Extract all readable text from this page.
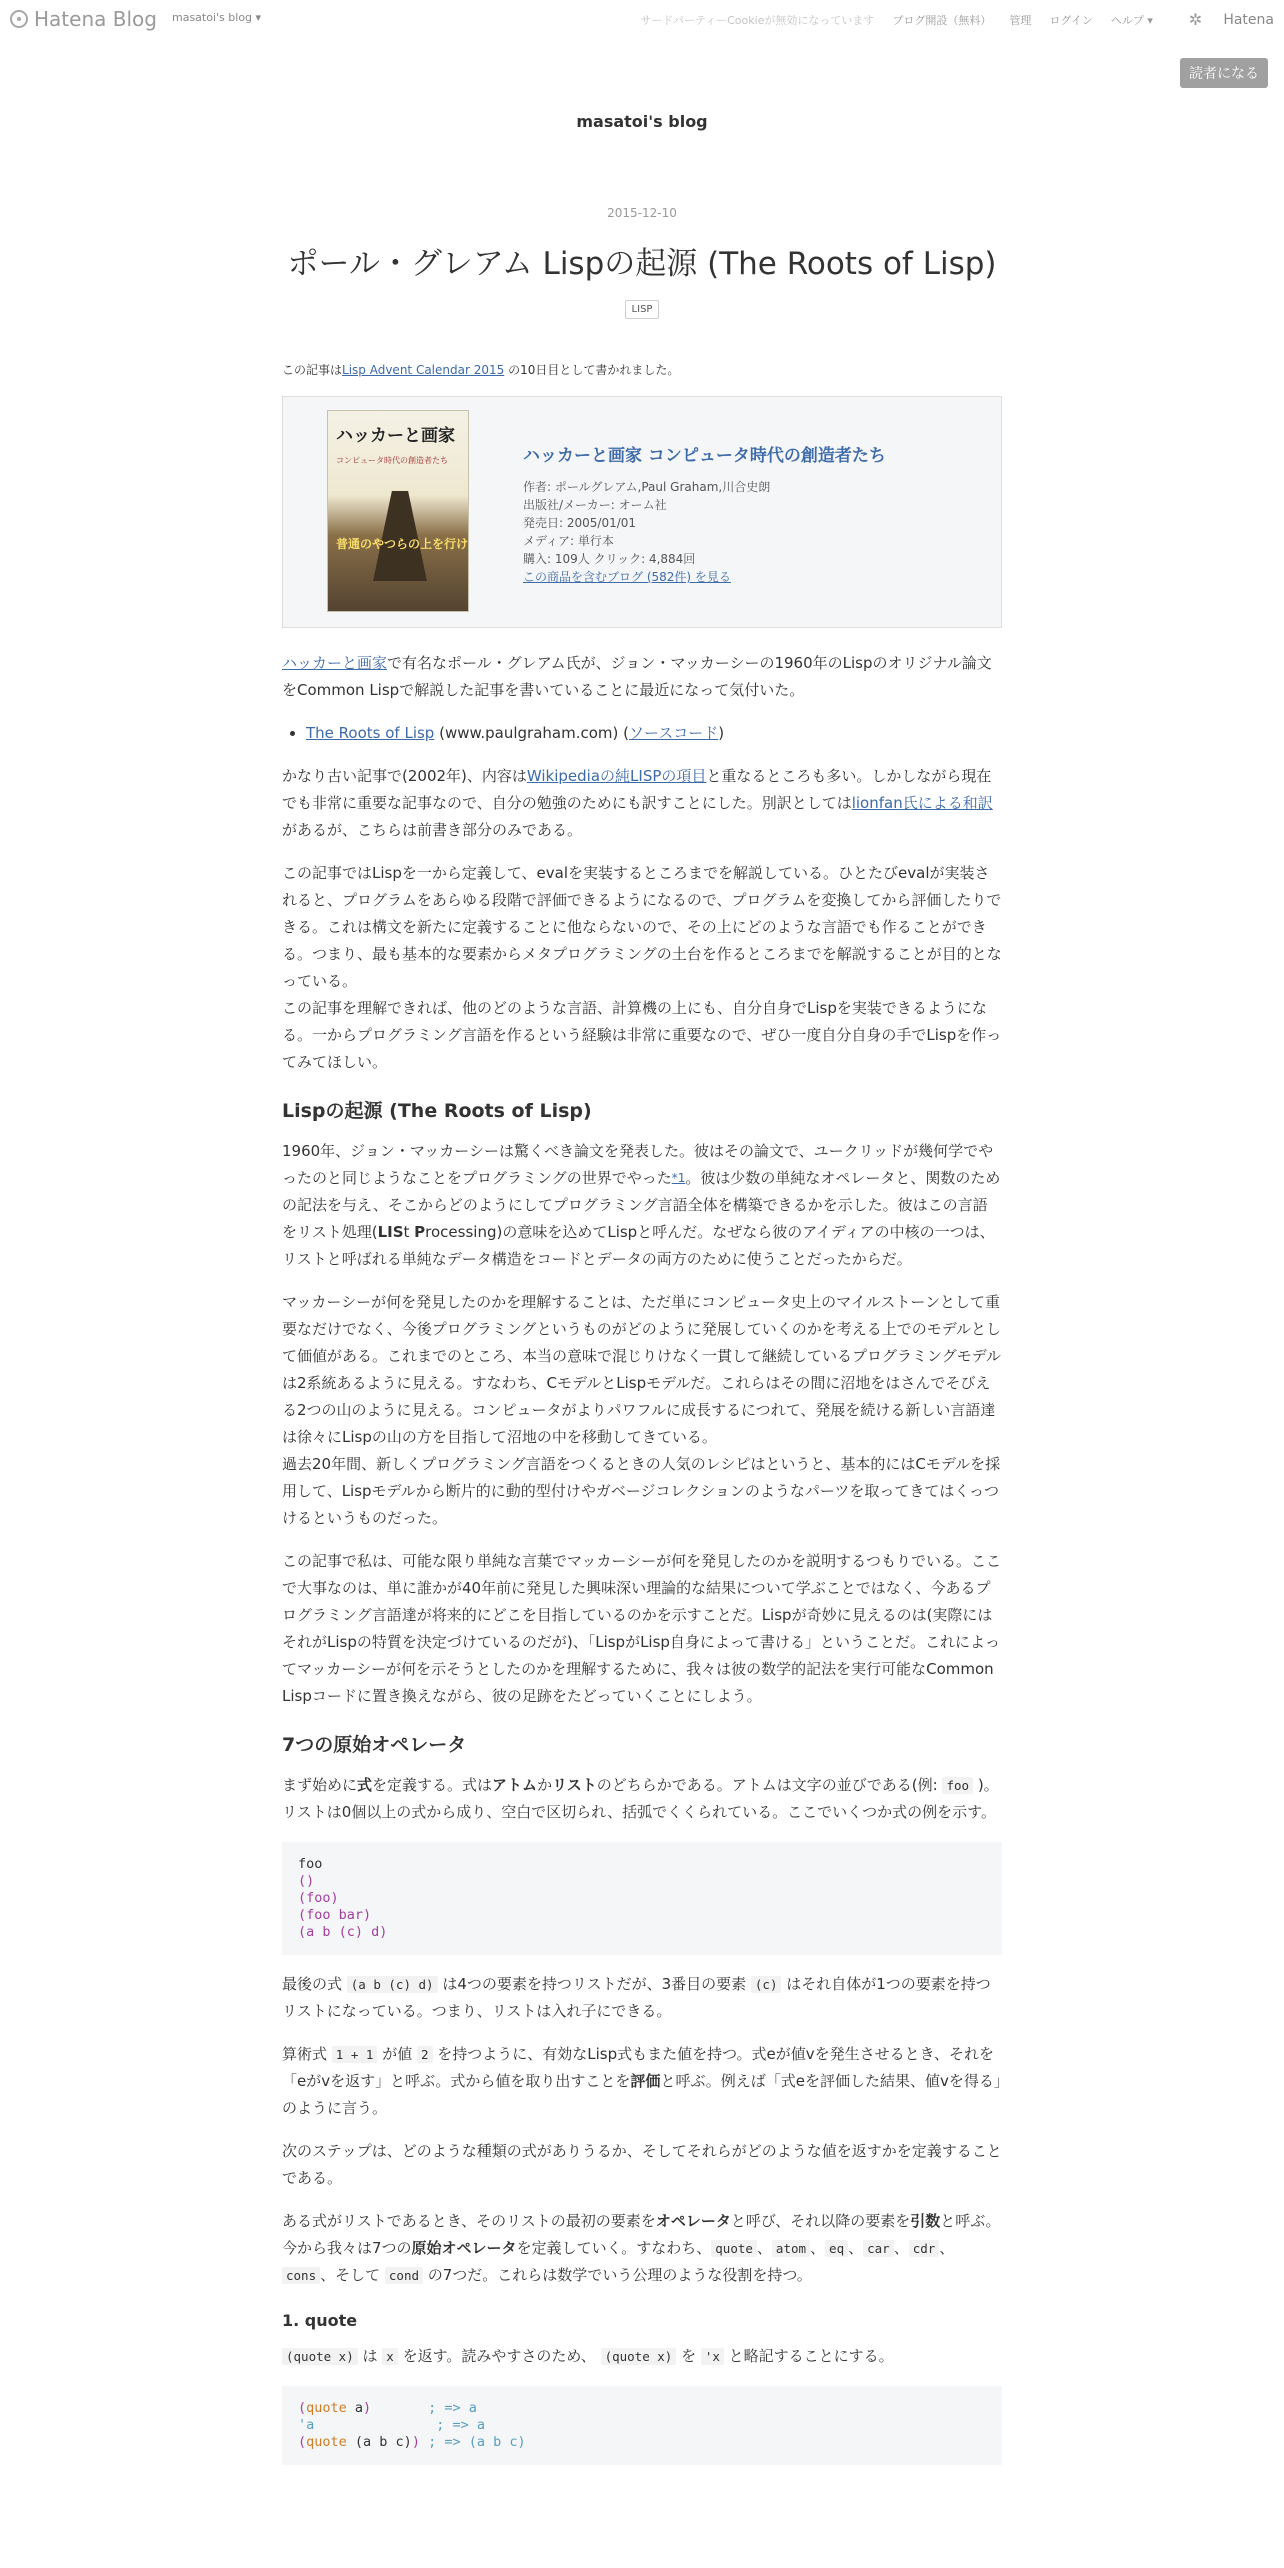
Hatena Blog masatoi's blog ▾	サードパーティーCookieが無効になっています ブログ開設（無料） 管理 ログイン ヘルプ ▾ ✲ Hatena
読者になる
masatoi's blog
2015-12-10
ポール・グレアム Lispの起源 (The Roots of Lisp)
LISP

この記事はLisp Advent Calendar 2015 の10日目として書かれました。

ハッカーと画家
コンピュータ時代の創造者たち
普通のやつらの上を行け
ハッカーと画家 コンピュータ時代の創造者たち
作者: ポールグレアム,Paul Graham,川合史朗
出版社/メーカー: オーム社
発売日: 2005/01/01
メディア: 単行本
購入: 109人 クリック: 4,884回
この商品を含むブログ (582件) を見る

ハッカーと画家で有名なポール・グレアム氏が、ジョン・マッカーシーの1960年のLispのオリジナル論文をCommon Lispで解説した記事を書いていることに最近になって気付いた。

• The Roots of Lisp (www.paulgraham.com) (ソースコード)

かなり古い記事で(2002年)、内容はWikipediaの純LISPの項目と重なるところも多い。しかしながら現在でも非常に重要な記事なので、自分の勉強のためにも訳すことにした。別訳としてはlionfan氏による和訳があるが、こちらは前書き部分のみである。

この記事ではLispを一から定義して、evalを実装するところまでを解説している。ひとたびevalが実装されると、プログラムをあらゆる段階で評価できるようになるので、プログラムを変換してから評価したりできる。これは構文を新たに定義することに他ならないので、その上にどのような言語でも作ることができる。つまり、最も基本的な要素からメタプログラミングの土台を作るところまでを解説することが目的となっている。
この記事を理解できれば、他のどのような言語、計算機の上にも、自分自身でLispを実装できるようになる。一からプログラミング言語を作るという経験は非常に重要なので、ぜひ一度自分自身の手でLispを作ってみてほしい。

Lispの起源 (The Roots of Lisp)

1960年、ジョン・マッカーシーは驚くべき論文を発表した。彼はその論文で、ユークリッドが幾何学でやったのと同じようなことをプログラミングの世界でやった$^{*1}$。彼は少数の単純なオペレータと、関数のための記法を与え、そこからどのようにしてプログラミング言語全体を構築できるかを示した。彼はこの言語をリスト処理(LISt Processing)の意味を込めてLispと呼んだ。なぜなら彼のアイディアの中核の一つは、リストと呼ばれる単純なデータ構造をコードとデータの両方のために使うことだったからだ。

マッカーシーが何を発見したのかを理解することは、ただ単にコンピュータ史上のマイルストーンとして重要なだけでなく、今後プログラミングというものがどのように発展していくのかを考える上でのモデルとして価値がある。これまでのところ、本当の意味で混じりけなく一貫して継続しているプログラミングモデルは2系統あるように見える。すなわち、CモデルとLispモデルだ。これらはその間に沼地をはさんでそびえる2つの山のように見える。コンピュータがよりパワフルに成長するにつれて、発展を続ける新しい言語達は徐々にLispの山の方を目指して沼地の中を移動してきている。
過去20年間、新しくプログラミング言語をつくるときの人気のレシピはというと、基本的にはCモデルを採用して、Lispモデルから断片的に動的型付けやガベージコレクションのようなパーツを取ってきてはくっつけるというものだった。

この記事で私は、可能な限り単純な言葉でマッカーシーが何を発見したのかを説明するつもりでいる。ここで大事なのは、単に誰かが40年前に発見した興味深い理論的な結果について学ぶことではなく、今あるプログラミング言語達が将来的にどこを目指しているのかを示すことだ。Lispが奇妙に見えるのは(実際にはそれがLispの特質を決定づけているのだが)、「LispがLisp自身によって書ける」ということだ。これによってマッカーシーが何を示そうとしたのかを理解するために、我々は彼の数学的記法を実行可能なCommon Lispコードに置き換えながら、彼の足跡をたどっていくことにしよう。

7つの原始オペレータ

まず始めに式を定義する。式はアトムかリストのどちらかである。アトムは文字の並びである(例: foo )。リストは0個以上の式から成り、空白で区切られ、括弧でくくられている。ここでいくつか式の例を示す。

foo
()
(foo)
(foo bar)
(a b (c) d)

最後の式 (a b (c) d) は4つの要素を持つリストだが、3番目の要素 (c) はそれ自体が1つの要素を持つリストになっている。つまり、リストは入れ子にできる。

算術式 1 + 1 が値 2 を持つように、有効なLisp式もまた値を持つ。式eが値vを発生させるとき、それを「eがvを返す」と呼ぶ。式から値を取り出すことを評価と呼ぶ。例えば「式eを評価した結果、値vを得る」のように言う。

次のステップは、どのような種類の式がありうるか、そしてそれらがどのような値を返すかを定義することである。

ある式がリストであるとき、そのリストの最初の要素をオペレータと呼び、それ以降の要素を引数と呼ぶ。今から我々は7つの原始オペレータを定義していく。すなわち、 quote 、 atom 、 eq 、 car 、 cdr 、cons 、そして cond の7つだ。これらは数学でいう公理のような役割を持つ。

1. quote

(quote x) は x を返す。読みやすさのため、 (quote x) を 'x と略記することにする。

(quote a)	; => a
'a	; => a
(quote (a b c)) ; => (a b c)
